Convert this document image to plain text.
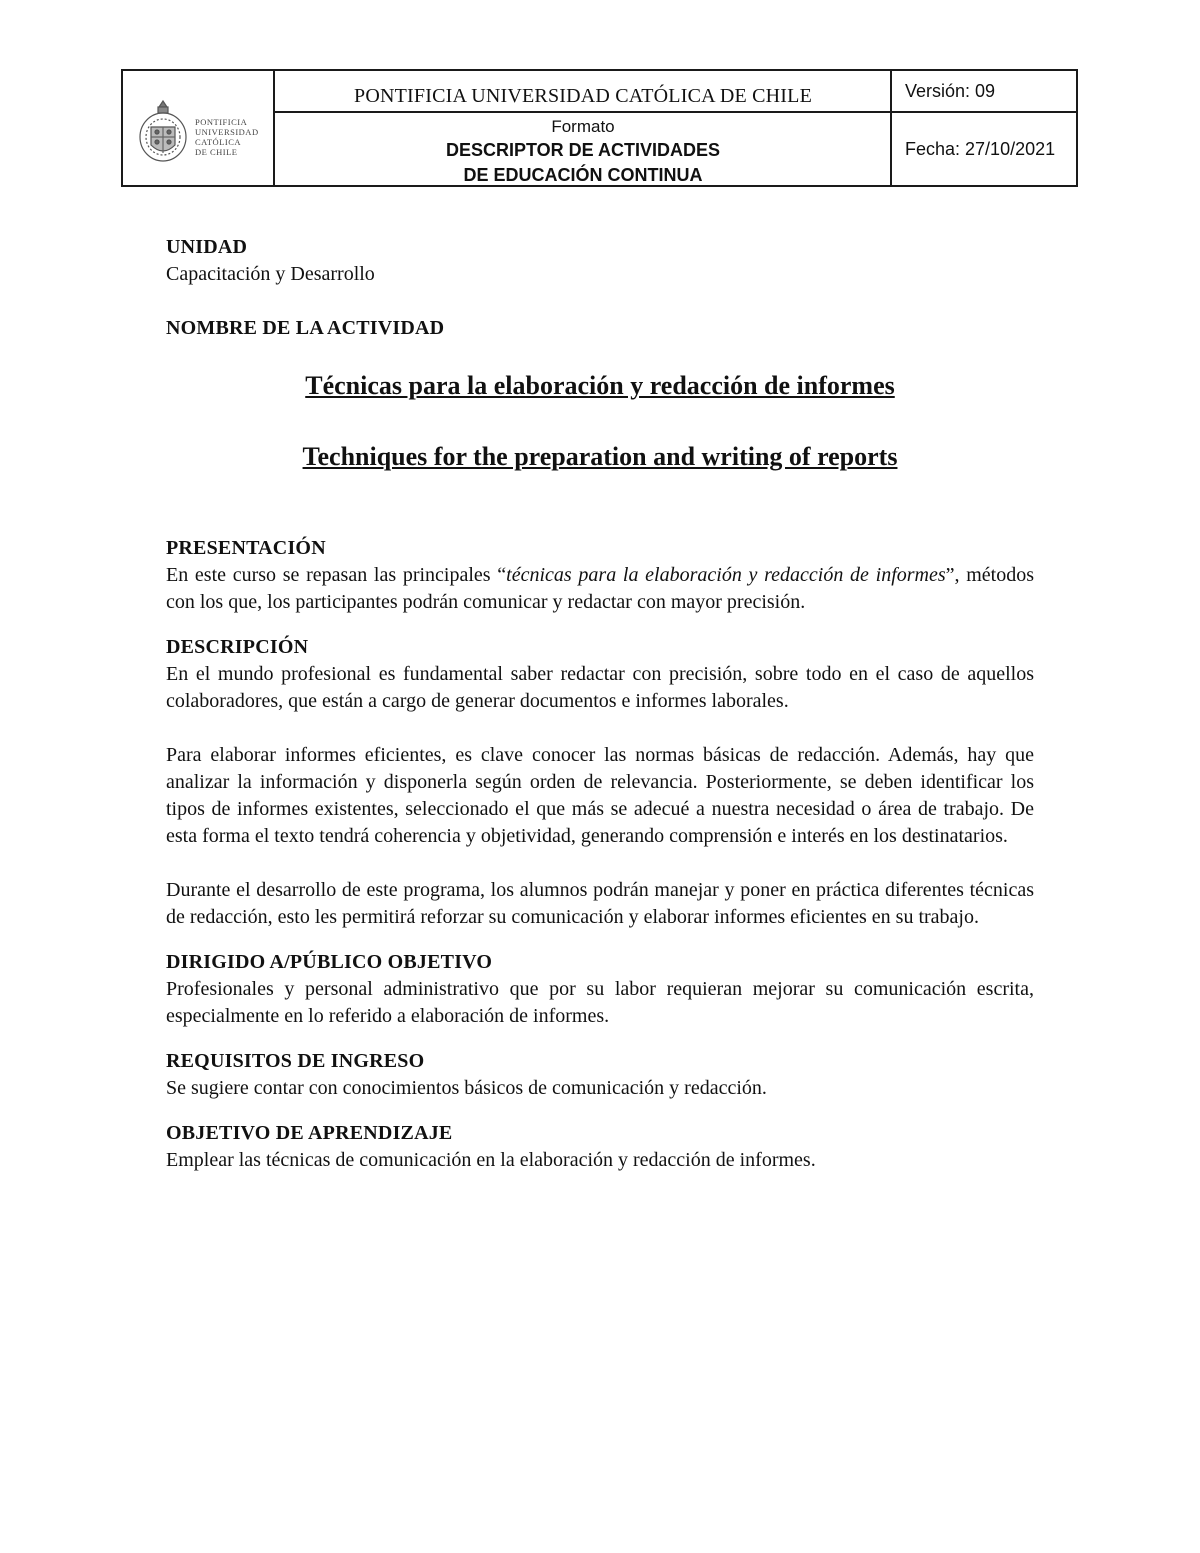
PONTIFICIA
UNIVERSIDAD
CATÓLICA
DE CHILE
PONTIFICIA UNIVERSIDAD CATÓLICA DE CHILE	Versión: 09
Formato
DESCRIPTOR DE ACTIVIDADES
DE EDUCACIÓN CONTINUA
Fecha: 27/10/2021

UNIDAD

Capacitación y Desarrollo

NOMBRE DE LA ACTIVIDAD

Técnicas para la elaboración y redacción de informes

Techniques for the preparation and writing of reports

PRESENTACIÓN

En este curso se repasan las principales “técnicas para la elaboración y redacción de informes”, métodos con los que, los participantes podrán comunicar y redactar con mayor precisión.

DESCRIPCIÓN

En el mundo profesional es fundamental saber redactar con precisión, sobre todo en el caso de aquellos colaboradores, que están a cargo de generar documentos e informes laborales.

Para elaborar informes eficientes, es clave conocer las normas básicas de redacción. Además, hay que analizar la información y disponerla según orden de relevancia. Posteriormente, se deben identificar los tipos de informes existentes, seleccionado el que más se adecué a nuestra necesidad o área de trabajo. De esta forma el texto tendrá coherencia y objetividad, generando comprensión e interés en los destinatarios.

Durante el desarrollo de este programa, los alumnos podrán manejar y poner en práctica diferentes técnicas de redacción, esto les permitirá reforzar su comunicación y elaborar informes eficientes en su trabajo.

DIRIGIDO A/PÚBLICO OBJETIVO

Profesionales y personal administrativo que por su labor requieran mejorar su comunicación escrita, especialmente en lo referido a elaboración de informes.

REQUISITOS DE INGRESO

Se sugiere contar con conocimientos básicos de comunicación y redacción.

OBJETIVO DE APRENDIZAJE

Emplear las técnicas de comunicación en la elaboración y redacción de informes.
